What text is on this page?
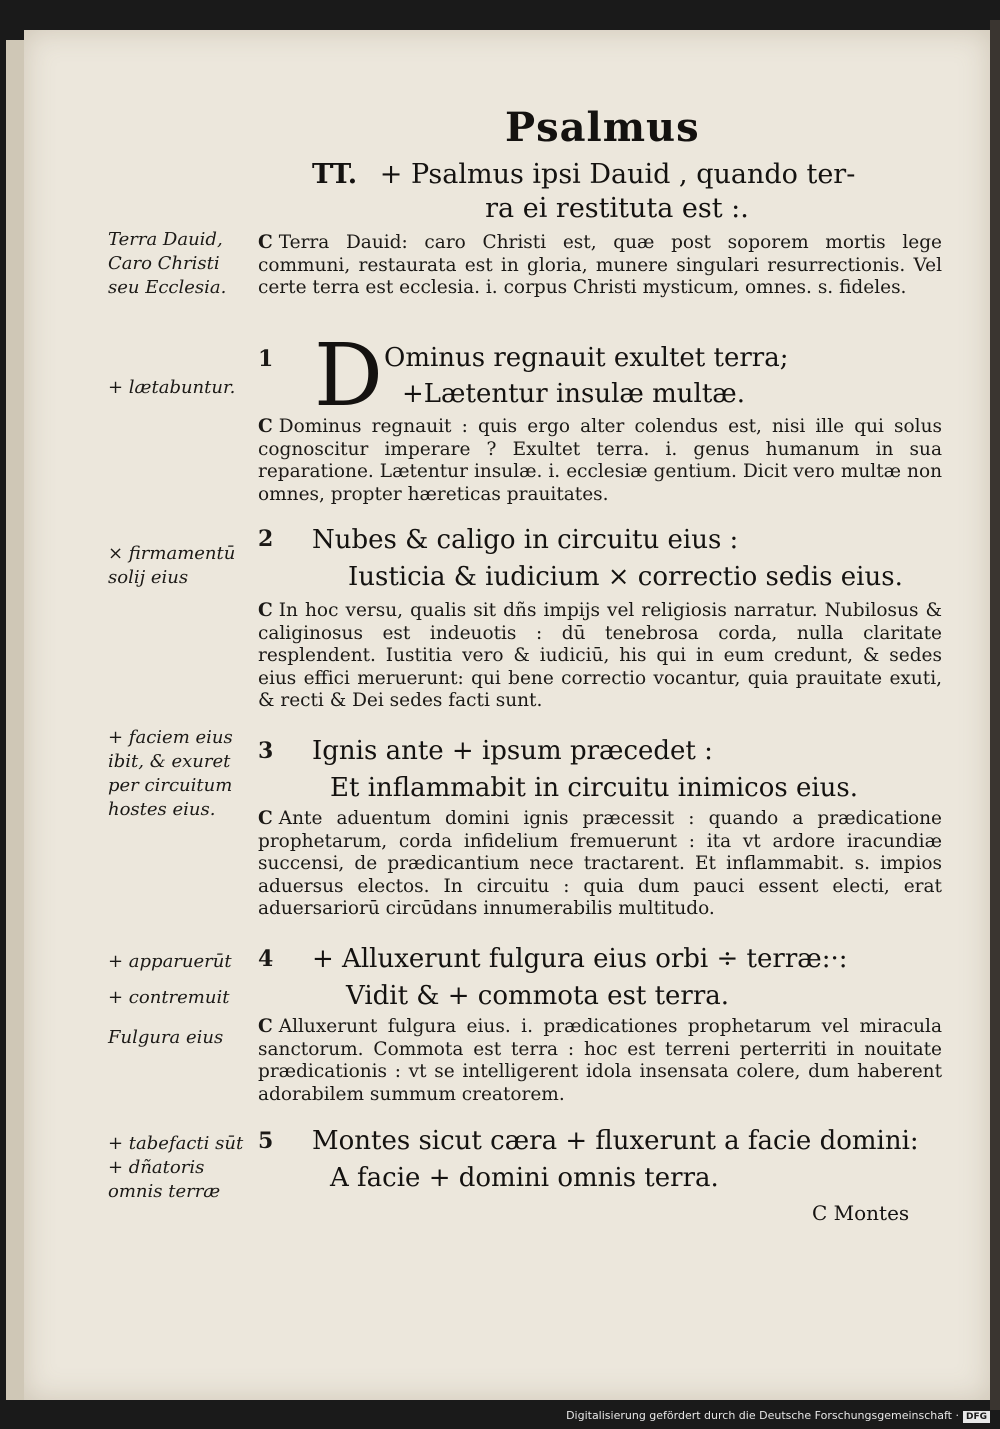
Psalmus
TT. + Psalmus ipsi Dauid , quando ter-
ra ei restituta est :.
Terra Dauid,
Caro Christi
seu Ecclesia.
+ lætabuntur.
× firmamentū
solij eius
+ faciem eius
ibit, & exuret
per circuitum
hostes eius.
+ apparuerūt
+ contremuit
Fulgura eius
+ tabefacti sūt
+ dñatoris
omnis terræ
C Terra Dauid: caro Christi est, quæ post soporem mortis lege communi, restaurata est in gloria, munere singulari resurrectionis. Vel certe terra est ecclesia. i. corpus Christi mysticum, omnes. s. fideles.
1 D Ominus regnauit exultet terra;
+Lætentur insulæ multæ.
C Dominus regnauit : quis ergo alter colendus est, nisi ille qui solus cognoscitur imperare ? Exultet terra. i. genus humanum in sua reparatione. Lætentur insulæ. i. ecclesiæ gentium. Dicit vero multæ non omnes, propter hæreticas prauitates.
2 Nubes & caligo in circuitu eius :
Iusticia & iudicium × correctio sedis eius.
C In hoc versu, qualis sit dñs impijs vel religiosis narratur. Nubilosus & caliginosus est indeuotis : dū tenebrosa corda, nulla claritate resplendent. Iustitia vero & iudiciū, his qui in eum credunt, & sedes eius effici meruerunt: qui bene correctio vocantur, quia prauitate exuti, & recti & Dei sedes facti sunt.
3 Ignis ante + ipsum præcedet :
Et inflammabit in circuitu inimicos eius.
C Ante aduentum domini ignis præcessit : quando a prædicatione prophetarum, corda infidelium fremuerunt : ita vt ardore iracundiæ succensi, de prædicantium nece tractarent. Et inflammabit. s. impios aduersus electos. In circuitu : quia dum pauci essent electi, erat aduersariorū circūdans innumerabilis multitudo.
4 + Alluxerunt fulgura eius orbi ÷ terræ:·:
Vidit & + commota est terra.
C Alluxerunt fulgura eius. i. prædicationes prophetarum vel miracula sanctorum. Commota est terra : hoc est terreni perterriti in nouitate prædicationis : vt se intelligerent idola insensata colere, dum haberent adorabilem summum creatorem.
5 Montes sicut cæra + fluxerunt a facie domini:
A facie + domini omnis terra.
C Montes
Digitalisierung gefördert durch die Deutsche Forschungsgemeinschaft · DFG
